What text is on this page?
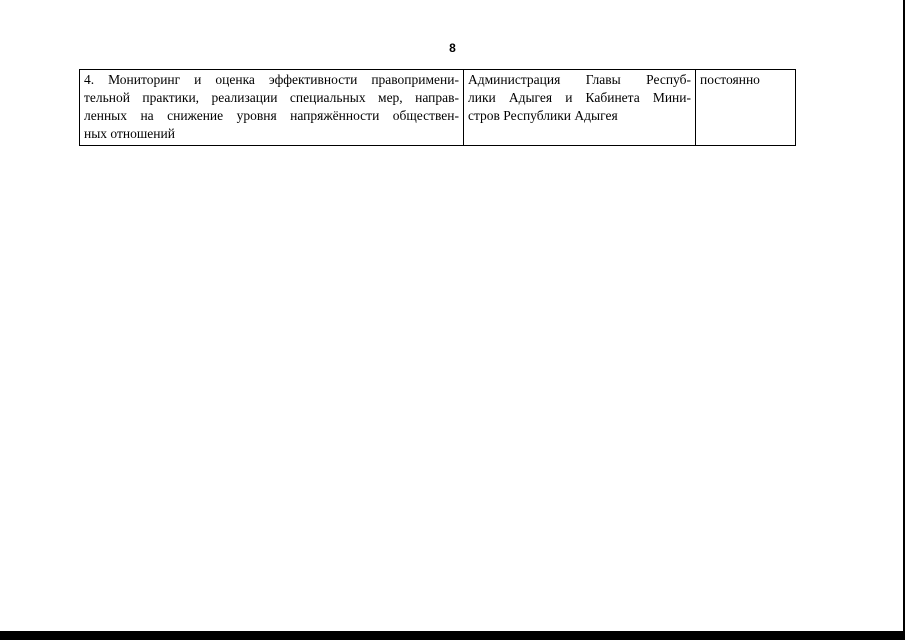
8
4. Мониторинг и оценка эффективности правопримени-
тельной практики, реализации специальных мер, направ-
ленных на снижение уровня напряжённости обществен-
ных отношений

Администрация Главы Респуб-
лики Адыгея и Кабинета Мини-
стров Республики Адыгея

постоянно
